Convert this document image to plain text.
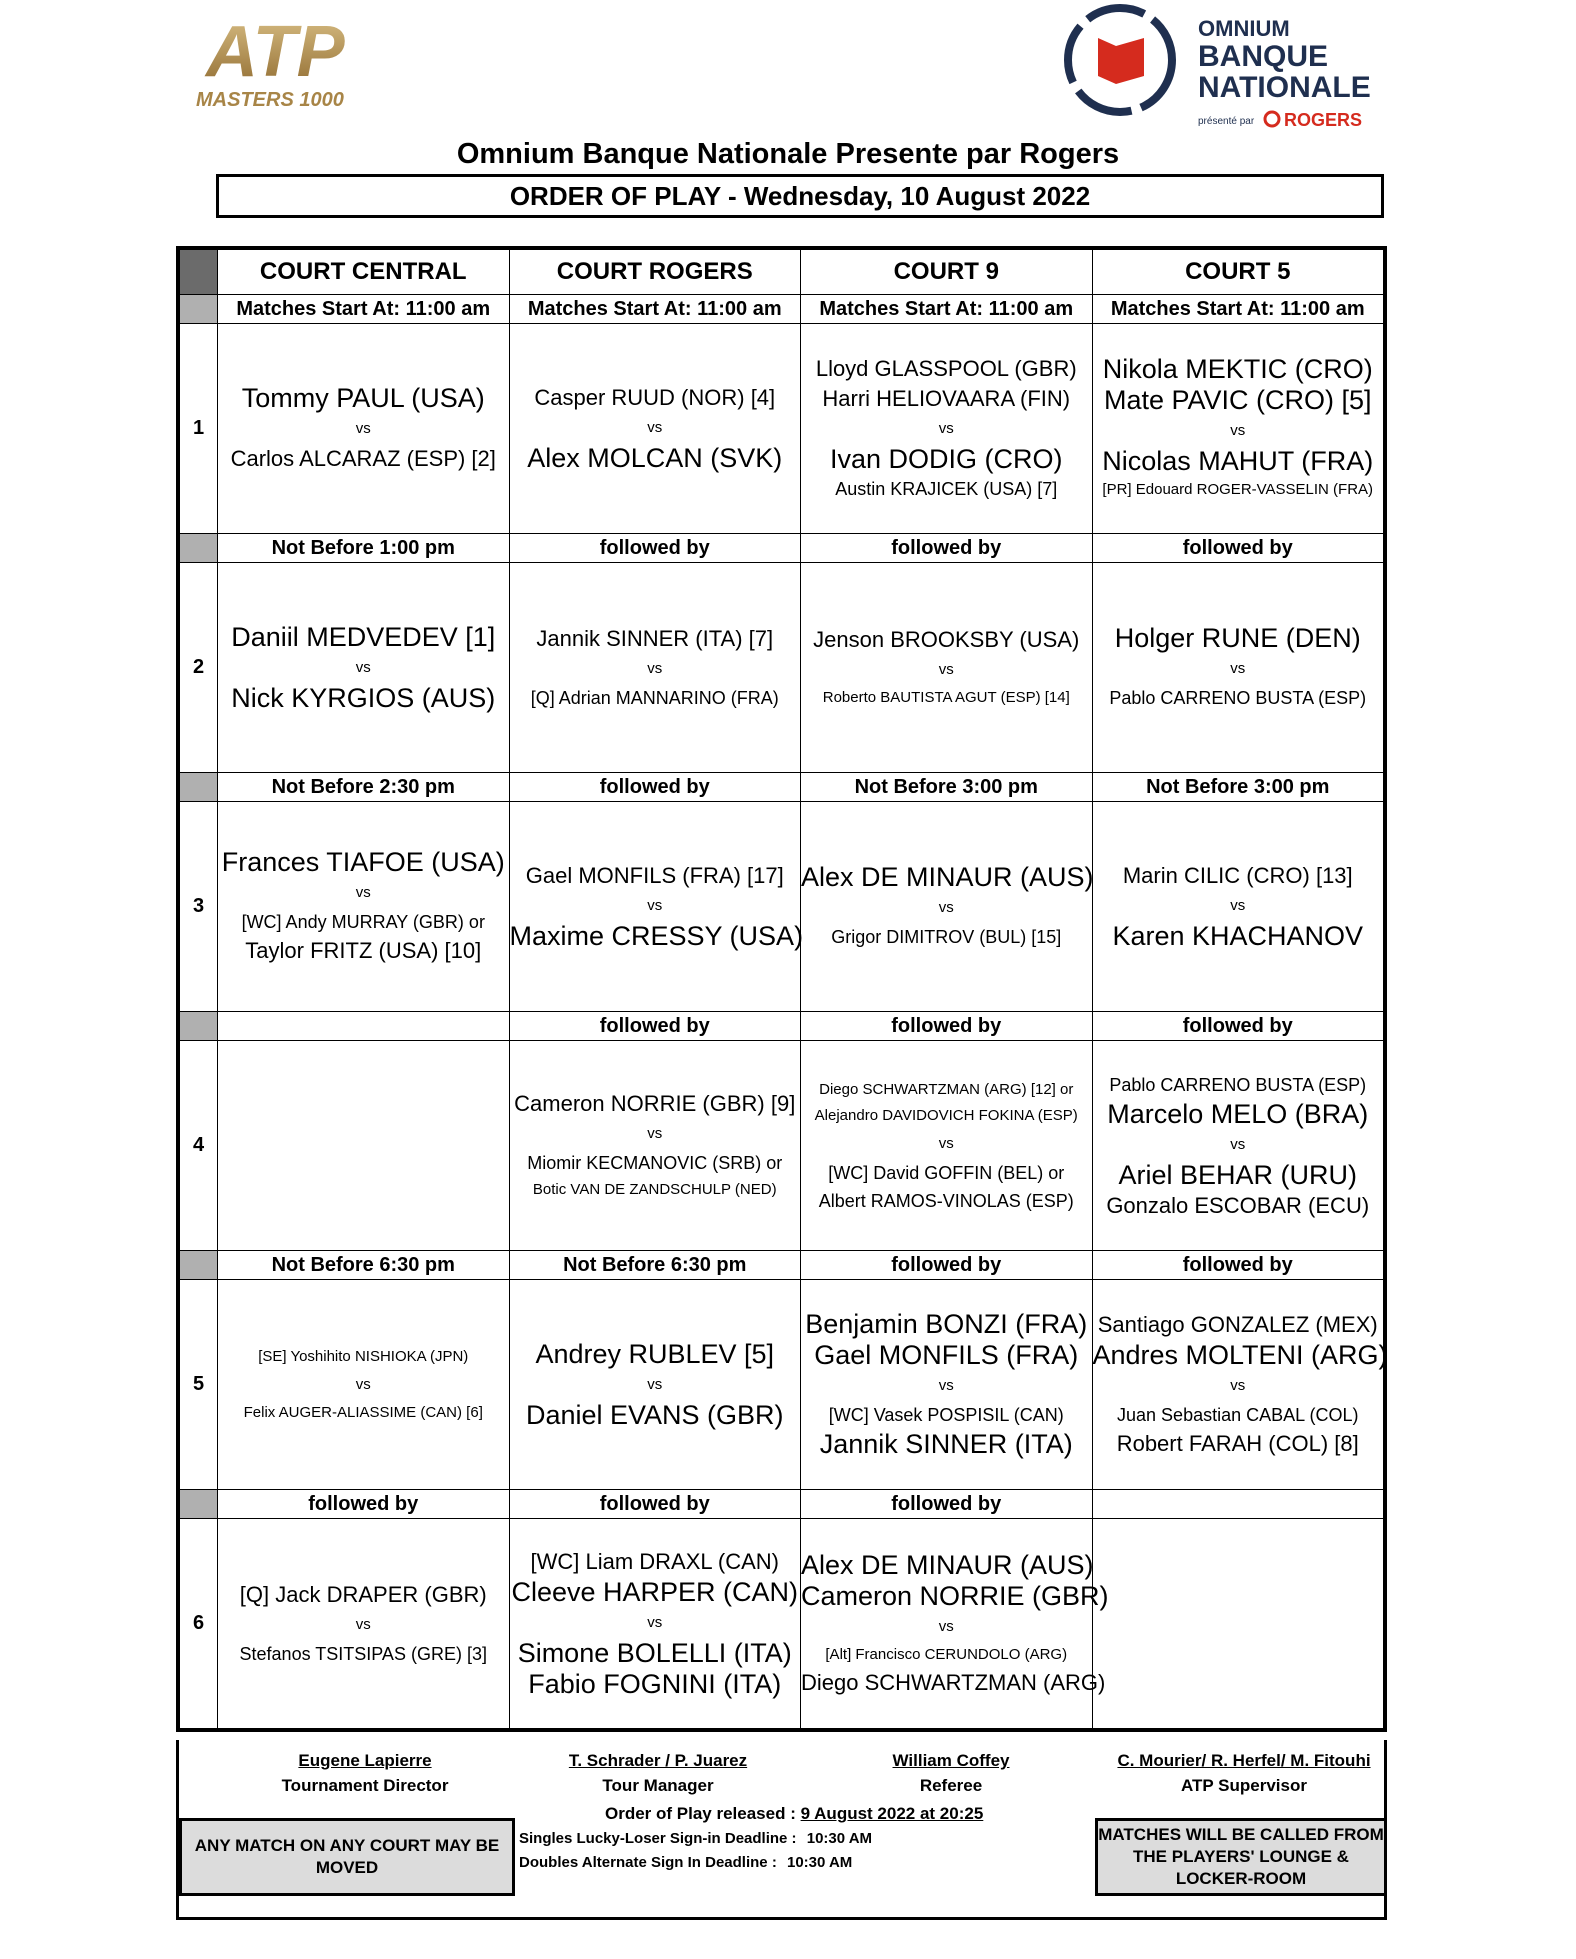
ATP
MASTERS 1000
OMNIUM
BANQUE
NATIONALE
présenté par ROGERS
Omnium Banque Nationale Presente par Rogers
ORDER OF PLAY - Wednesday, 10 August 2022
	COURT CENTRAL	COURT ROGERS	COURT 9	COURT 5
	Matches Start At: 11:00 am	Matches Start At: 11:00 am	Matches Start At: 11:00 am	Matches Start At: 11:00 am
1	Tommy PAUL (USA)
vs
Carlos ALCARAZ (ESP) [2]	Casper RUUD (NOR) [4]
vs
Alex MOLCAN (SVK)	Lloyd GLASSPOOL (GBR)
Harri HELIOVAARA (FIN)
vs
Ivan DODIG (CRO)
Austin KRAJICEK (USA) [7]	Nikola MEKTIC (CRO)
Mate PAVIC (CRO) [5]
vs
Nicolas MAHUT (FRA)
[PR] Edouard ROGER-VASSELIN (FRA)

	Not Before 1:00 pm	followed by	followed by	followed by
2	Daniil MEDVEDEV [1]
vs
Nick KYRGIOS (AUS)	Jannik SINNER (ITA) [7]
vs
[Q] Adrian MANNARINO (FRA)	Jenson BROOKSBY (USA)
vs
Roberto BAUTISTA AGUT (ESP) [14]	Holger RUNE (DEN)
vs
Pablo CARRENO BUSTA (ESP)

	Not Before 2:30 pm	followed by	Not Before 3:00 pm	Not Before 3:00 pm
3	Frances TIAFOE (USA)
vs
[WC] Andy MURRAY (GBR) or
Taylor FRITZ (USA) [10]	Gael MONFILS (FRA) [17]
vs
Maxime CRESSY (USA)	Alex DE MINAUR (AUS)
vs
Grigor DIMITROV (BUL) [15]	Marin CILIC (CRO) [13]
vs
Karen KHACHANOV

		followed by	followed by	followed by
4		Cameron NORRIE (GBR) [9]
vs
Miomir KECMANOVIC (SRB) or
Botic VAN DE ZANDSCHULP (NED)	Diego SCHWARTZMAN (ARG) [12] or
Alejandro DAVIDOVICH FOKINA (ESP)
vs
[WC] David GOFFIN (BEL) or
Albert RAMOS-VINOLAS (ESP)	Pablo CARRENO BUSTA (ESP)
Marcelo MELO (BRA)
vs
Ariel BEHAR (URU)
Gonzalo ESCOBAR (ECU)

	Not Before 6:30 pm	Not Before 6:30 pm	followed by	followed by
5	[SE] Yoshihito NISHIOKA (JPN)
vs
Felix AUGER-ALIASSIME (CAN) [6]	Andrey RUBLEV [5]
vs
Daniel EVANS (GBR)	Benjamin BONZI (FRA)
Gael MONFILS (FRA)
vs
[WC] Vasek POSPISIL (CAN)
Jannik SINNER (ITA)	Santiago GONZALEZ (MEX)
Andres MOLTENI (ARG)
vs
Juan Sebastian CABAL (COL)
Robert FARAH (COL) [8]

	followed by	followed by	followed by	
6	[Q] Jack DRAPER (GBR)
vs
Stefanos TSITSIPAS (GRE) [3]	[WC] Liam DRAXL (CAN)
Cleeve HARPER (CAN)
vs
Simone BOLELLI (ITA)
Fabio FOGNINI (ITA)	Alex DE MINAUR (AUS)
Cameron NORRIE (GBR)
vs
[Alt] Francisco CERUNDOLO (ARG)
Diego SCHWARTZMAN (ARG)	

Eugene Lapierre
Tournament Director
T. Schrader / P. Juarez
Tour Manager
William Coffey
Referee
C. Mourier/ R. Herfel/ M. Fitouhi
ATP Supervisor
Order of Play released : 9 August 2022 at 20:25
Singles Lucky-Loser Sign-in Deadline : 10:30 AM
Doubles Alternate Sign In Deadline : 10:30 AM
ANY MATCH ON ANY COURT MAY BE MOVED
MATCHES WILL BE CALLED FROM THE PLAYERS' LOUNGE & LOCKER-ROOM
